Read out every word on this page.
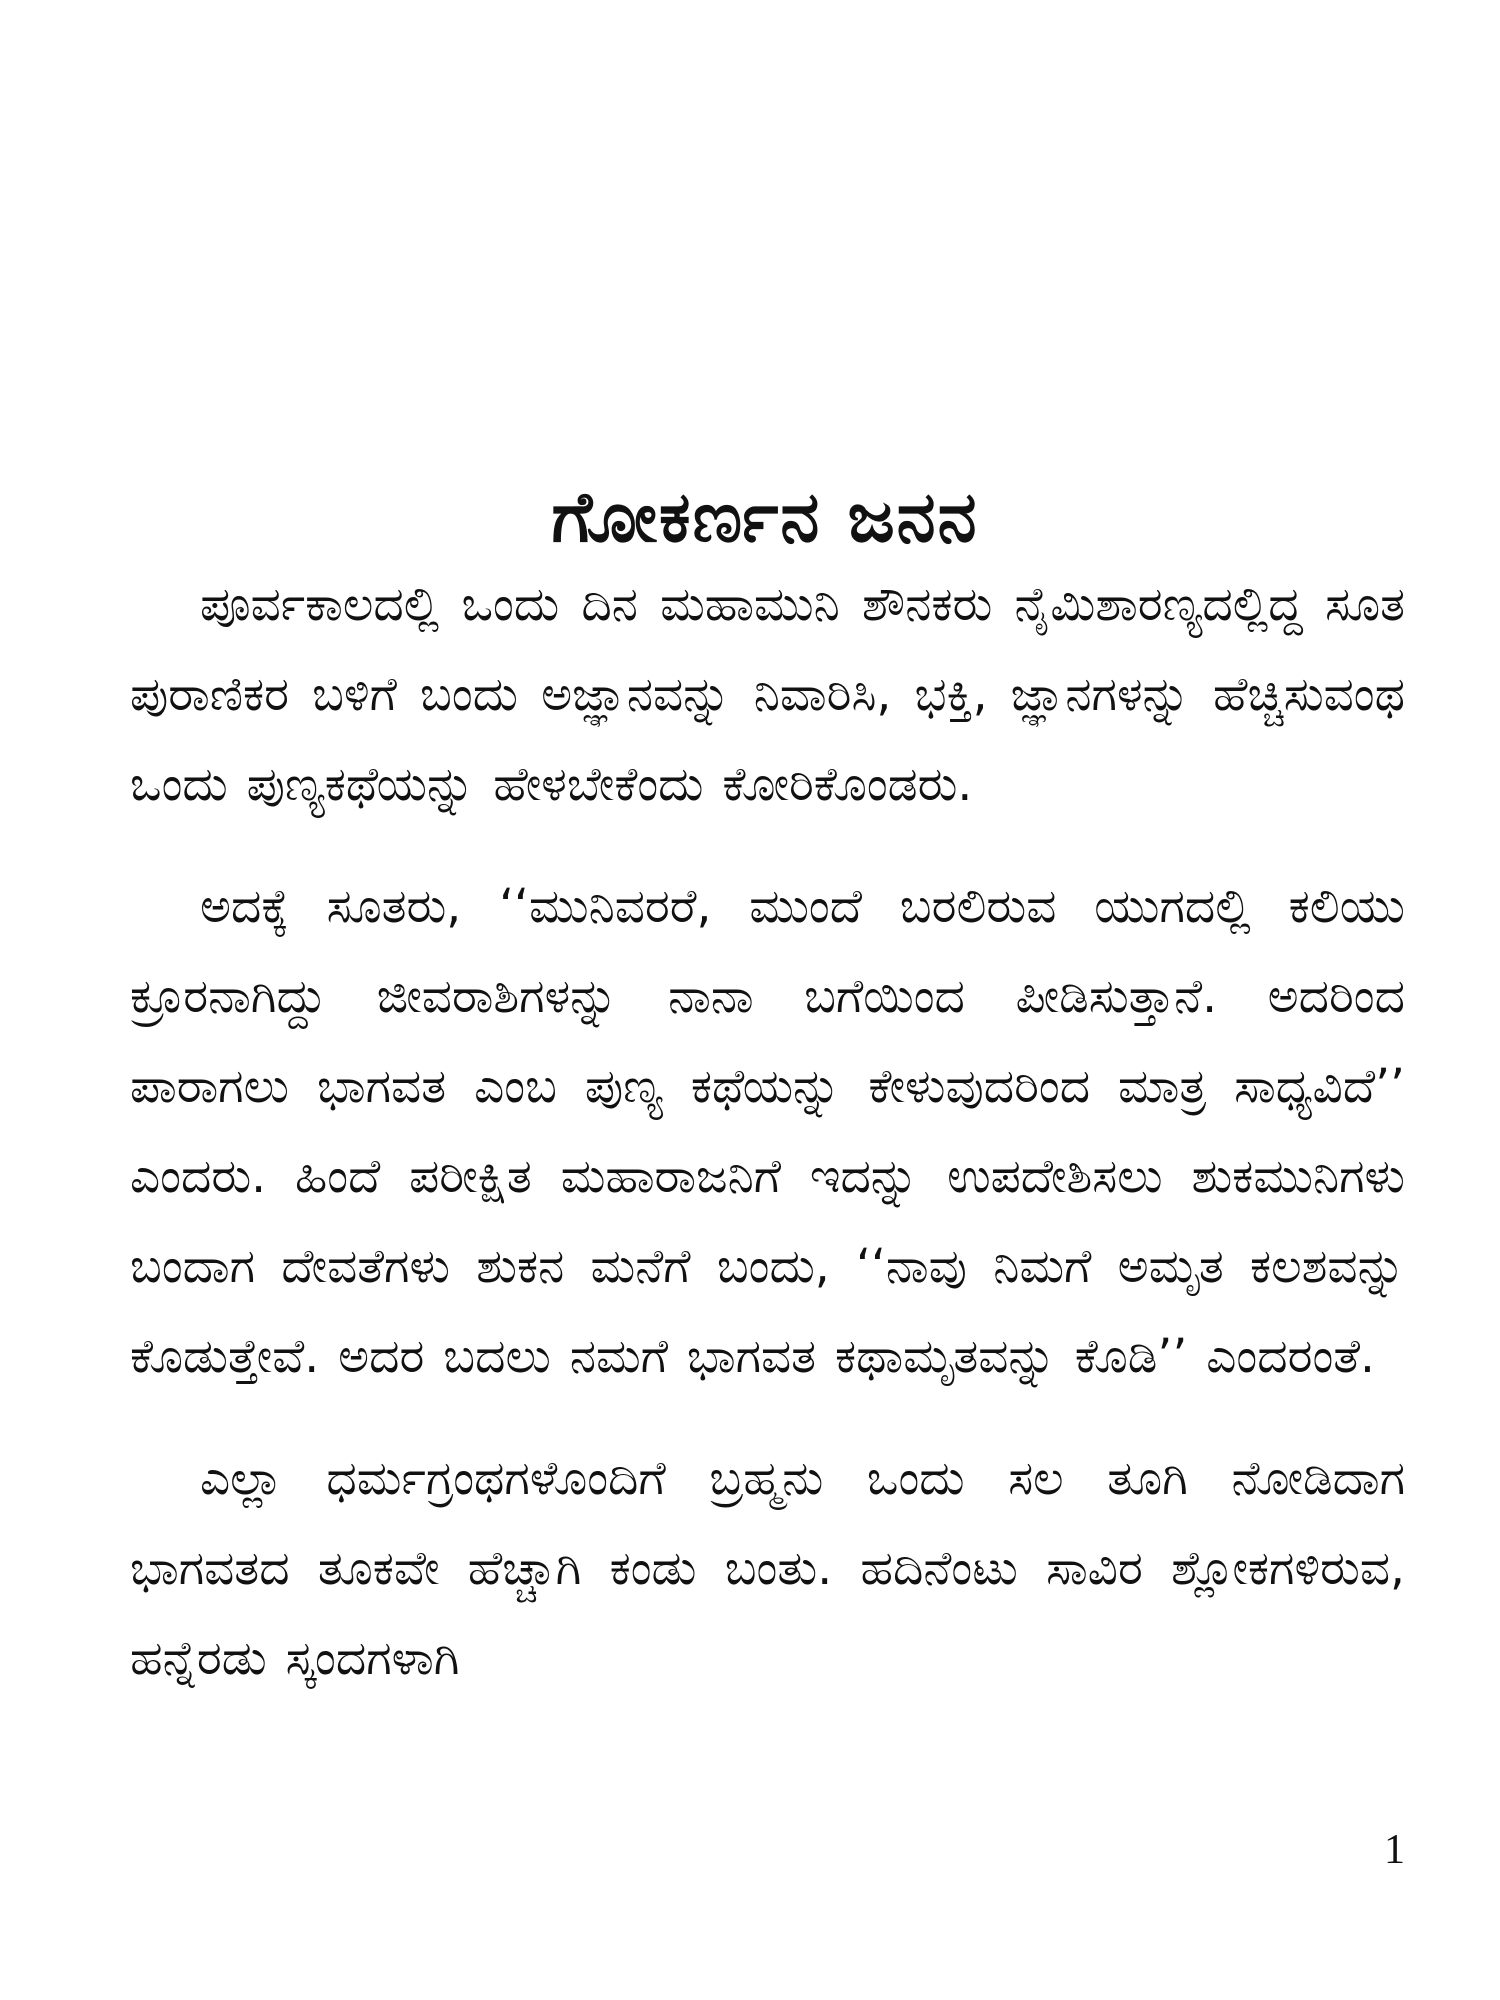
ಗೋಕರ್ಣನ ಜನನ

ಪೂರ್ವಕಾಲದಲ್ಲಿ ಒಂದು ದಿನ ಮಹಾಮುನಿ ಶೌನಕರು ನೈಮಿಶಾರಣ್ಯದಲ್ಲಿದ್ದ ಸೂತ ಪುರಾಣಿಕರ ಬಳಿಗೆ ಬಂದು ಅಜ್ಞಾನವನ್ನು ನಿವಾರಿಸಿ, ಭಕ್ತಿ, ಜ್ಞಾನಗಳನ್ನು ಹೆಚ್ಚಿಸುವಂಥ ಒಂದು ಪುಣ್ಯಕಥೆಯನ್ನು ಹೇಳಬೇಕೆಂದು ಕೋರಿಕೊಂಡರು.

ಅದಕ್ಕೆ ಸೂತರು, ‘‘ಮುನಿವರರೆ, ಮುಂದೆ ಬರಲಿರುವ ಯುಗದಲ್ಲಿ ಕಲಿಯು ಕ್ರೂರನಾಗಿದ್ದು ಜೀವರಾಶಿಗಳನ್ನು ನಾನಾ ಬಗೆಯಿಂದ ಪೀಡಿಸುತ್ತಾನೆ. ಅದರಿಂದ ಪಾರಾಗಲು ಭಾಗವತ ಎಂಬ ಪುಣ್ಯ ಕಥೆಯನ್ನು ಕೇಳುವುದರಿಂದ ಮಾತ್ರ ಸಾಧ್ಯವಿದೆ’’ ಎಂದರು. ಹಿಂದೆ ಪರೀಕ್ಷಿತ ಮಹಾರಾಜನಿಗೆ ಇದನ್ನು ಉಪದೇಶಿಸಲು ಶುಕಮುನಿಗಳು ಬಂದಾಗ ದೇವತೆಗಳು ಶುಕನ ಮನೆಗೆ ಬಂದು, ‘‘ನಾವು ನಿಮಗೆ ಅಮೃತ ಕಲಶವನ್ನು ಕೊಡುತ್ತೇವೆ. ಅದರ ಬದಲು ನಮಗೆ ಭಾಗವತ ಕಥಾಮೃತವನ್ನು ಕೊಡಿ’’ ಎಂದರಂತೆ.

ಎಲ್ಲಾ ಧರ್ಮಗ್ರಂಥಗಳೊಂದಿಗೆ ಬ್ರಹ್ಮನು ಒಂದು ಸಲ ತೂಗಿ ನೋಡಿದಾಗ ಭಾಗವತದ ತೂಕವೇ ಹೆಚ್ಚಾಗಿ ಕಂಡು ಬಂತು. ಹದಿನೆಂಟು ಸಾವಿರ ಶ್ಲೋಕಗಳಿರುವ, ಹನ್ನೆರಡು ಸ್ಕಂದಗಳಾಗಿ

1
